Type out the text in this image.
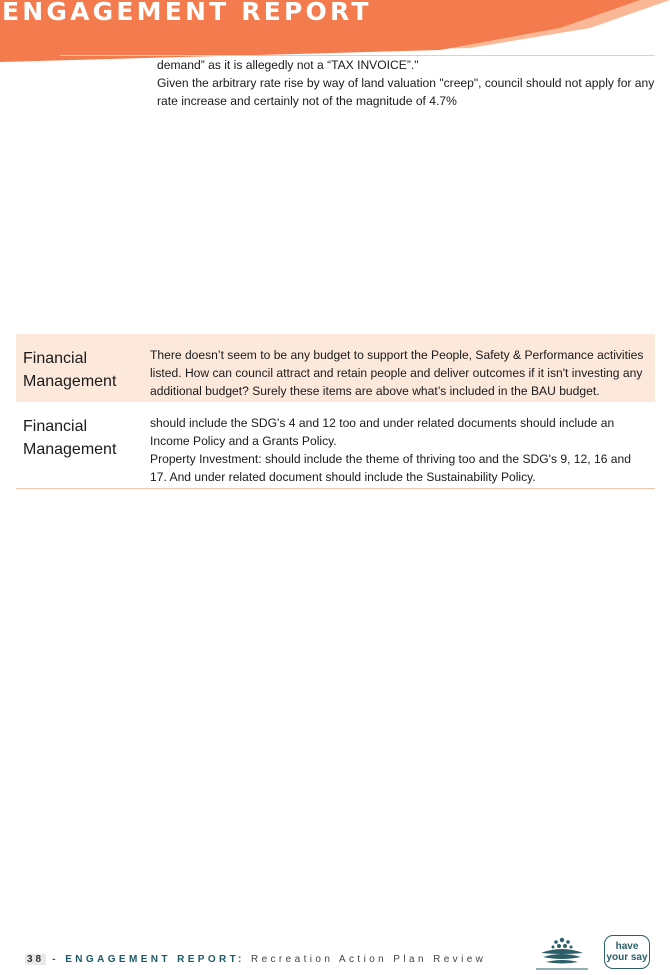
ENGAGEMENT REPORT

demand” as it is allegedly not a “TAX INVOICE”."

Given the arbitrary rate rise by way of land valuation "creep", council should not apply for any rate increase and certainly not of the magnitude of 4.7%

Financial Management

There doesn’t seem to be any budget to support the People, Safety & Performance activities listed. How can council attract and retain people and deliver outcomes if it isn't investing any additional budget? Surely these items are above what’s included in the BAU budget.

Financial Management

should include the SDG's 4 and 12 too and under related documents should include an Income Policy and a Grants Policy.

Property Investment: should include the theme of thriving too and the SDG's 9, 12, 16 and 17. And under related document should include the Sustainability Policy.

38 - ENGAGEMENT REPORT: Recreation Action Plan Review
have
your say
